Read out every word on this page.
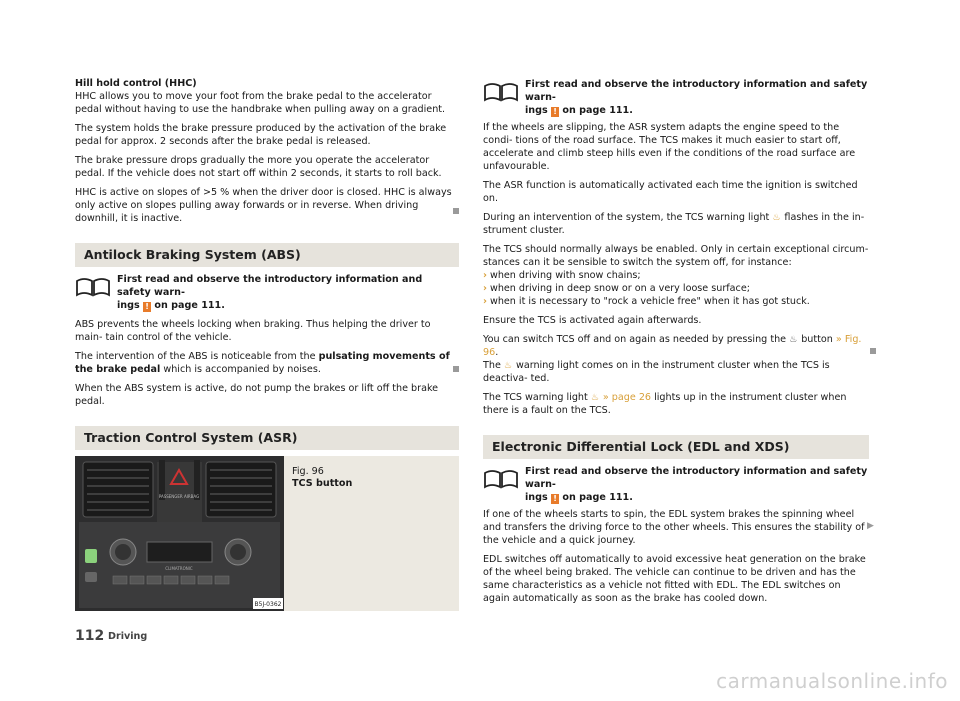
Hill hold control (HHC)

HHC allows you to move your foot from the brake pedal to the accelerator pedal without having to use the handbrake when pulling away on a gradient.

The system holds the brake pressure produced by the activation of the brake pedal for approx. 2 seconds after the brake pedal is released.

The brake pressure drops gradually the more you operate the accelerator pedal. If the vehicle does not start off within 2 seconds, it starts to roll back.

HHC is active on slopes of >5 % when the driver door is closed. HHC is always only active on slopes pulling away forwards or in reverse. When driving downhill, it is inactive.

Antilock Braking System (ABS)

First read and observe the introductory information and safety warn-
ings ! on page 111.

ABS prevents the wheels locking when braking. Thus helping the driver to main- tain control of the vehicle.

The intervention of the ABS is noticeable from the pulsating movements of the brake pedal which is accompanied by noises.

When the ABS system is active, do not pump the brakes or lift off the brake pedal.

Traction Control System (ASR)
PASSENGER AIRBAG
CLIMATRONIC
B5J-0362

Fig. 96

TCS button

First read and observe the introductory information and safety warn-
ings ! on page 111.

If the wheels are slipping, the ASR system adapts the engine speed to the condi- tions of the road surface. The TCS makes it much easier to start off, accelerate and climb steep hills even if the conditions of the road surface are unfavourable.

The ASR function is automatically activated each time the ignition is switched on.

During an intervention of the system, the TCS warning light ♨ flashes in the in- strument cluster.

The TCS should normally always be enabled. Only in certain exceptional circum- stances can it be sensible to switch the system off, for instance:

› when driving with snow chains;

› when driving in deep snow or on a very loose surface;

› when it is necessary to "rock a vehicle free" when it has got stuck.

Ensure the TCS is activated again afterwards.

You can switch TCS off and on again as needed by pressing the ♨ button » Fig. 96.
The ♨ warning light comes on in the instrument cluster when the TCS is deactiva- ted.

The TCS warning light ♨ » page 26 lights up in the instrument cluster when there is a fault on the TCS.

Electronic Differential Lock (EDL and XDS)

First read and observe the introductory information and safety warn-
ings ! on page 111.

If one of the wheels starts to spin, the EDL system brakes the spinning wheel and transfers the driving force to the other wheels. This ensures the stability of the vehicle and a quick journey.

EDL switches off automatically to avoid excessive heat generation on the brake of the wheel being braked. The vehicle can continue to be driven and has the same characteristics as a vehicle not fitted with EDL. The EDL switches on again automatically as soon as the brake has cooled down.

▶
112 Driving
carmanualsonline.info
